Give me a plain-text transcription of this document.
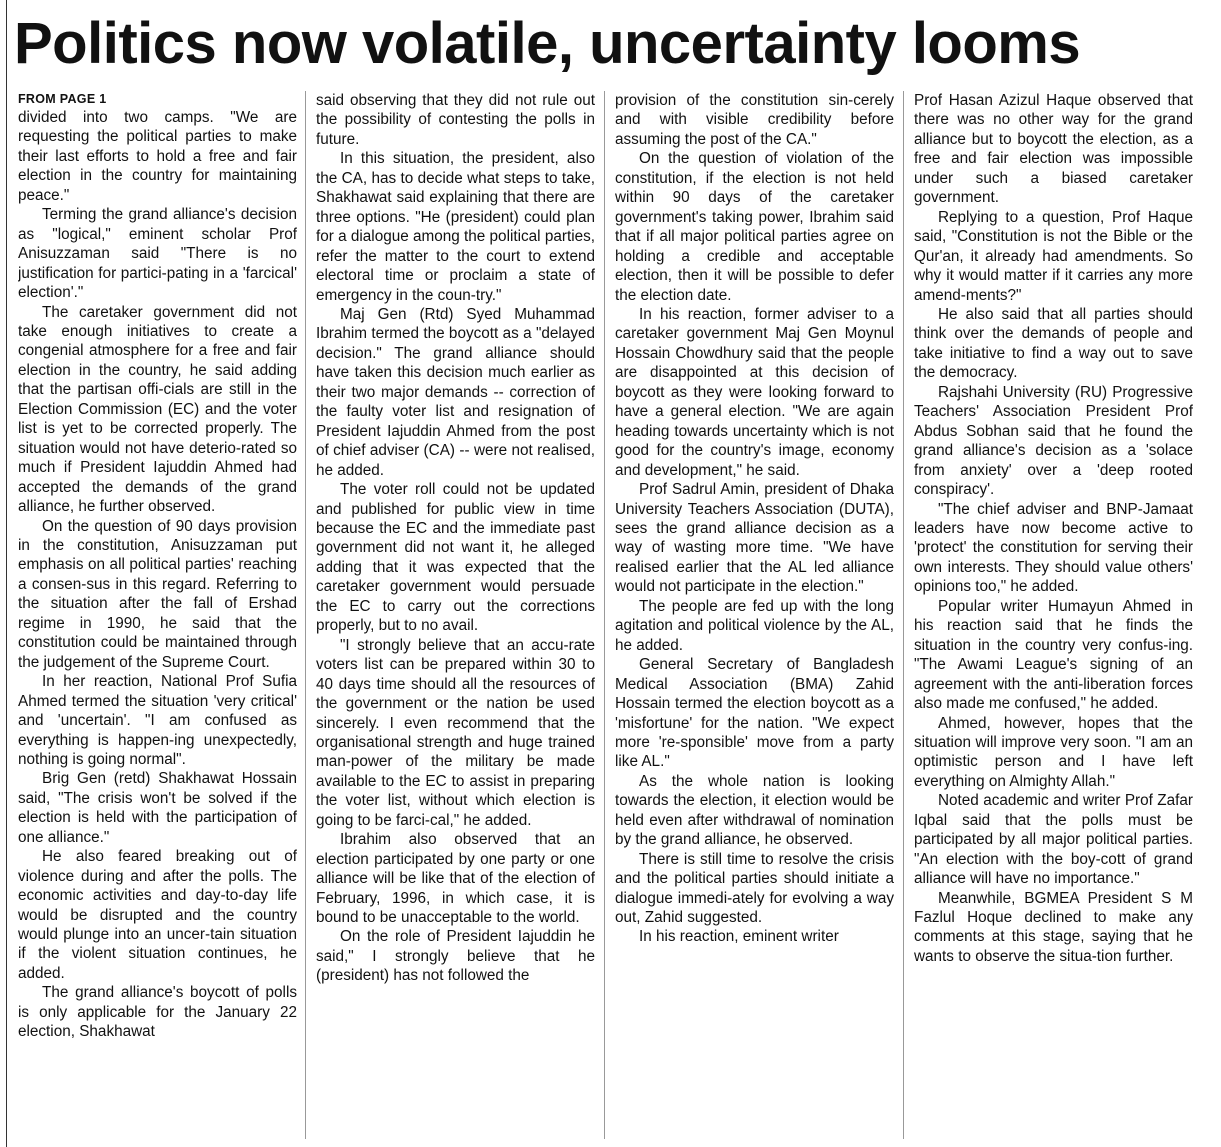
Politics now volatile, uncertainty looms

FROM PAGE 1

divided into two camps. "We are requesting the political parties to make their last efforts to hold a free and fair election in the country for maintaining peace."

Terming the grand alliance's decision as "logical," eminent scholar Prof Anisuzzaman said "There is no justification for partici-pating in a 'farcical' election'."

The caretaker government did not take enough initiatives to create a congenial atmosphere for a free and fair election in the country, he said adding that the partisan offi-cials are still in the Election Commission (EC) and the voter list is yet to be corrected properly. The situation would not have deterio-rated so much if President Iajuddin Ahmed had accepted the demands of the grand alliance, he further observed.

On the question of 90 days provision in the constitution, Anisuzzaman put emphasis on all political parties' reaching a consen-sus in this regard. Referring to the situation after the fall of Ershad regime in 1990, he said that the constitution could be maintained through the judgement of the Supreme Court.

In her reaction, National Prof Sufia Ahmed termed the situation 'very critical' and 'uncertain'. "I am confused as everything is happen-ing unexpectedly, nothing is going normal".

Brig Gen (retd) Shakhawat Hossain said, "The crisis won't be solved if the election is held with the participation of one alliance."

He also feared breaking out of violence during and after the polls. The economic activities and day-to-day life would be disrupted and the country would plunge into an uncer-tain situation if the violent situation continues, he added.

The grand alliance's boycott of polls is only applicable for the January 22 election, Shakhawat

said observing that they did not rule out the possibility of contesting the polls in future.

In this situation, the president, also the CA, has to decide what steps to take, Shakhawat said explaining that there are three options. "He (president) could plan for a dialogue among the political parties, refer the matter to the court to extend electoral time or proclaim a state of emergency in the coun-try."

Maj Gen (Rtd) Syed Muhammad Ibrahim termed the boycott as a "delayed decision." The grand alliance should have taken this decision much earlier as their two major demands -- correction of the faulty voter list and resignation of President Iajuddin Ahmed from the post of chief adviser (CA) -- were not realised, he added.

The voter roll could not be updated and published for public view in time because the EC and the immediate past government did not want it, he alleged adding that it was expected that the caretaker government would persuade the EC to carry out the corrections properly, but to no avail.

"I strongly believe that an accu-rate voters list can be prepared within 30 to 40 days time should all the resources of the government or the nation be used sincerely. I even recommend that the organisational strength and huge trained man-power of the military be made available to the EC to assist in preparing the voter list, without which election is going to be farci-cal," he added.

Ibrahim also observed that an election participated by one party or one alliance will be like that of the election of February, 1996, in which case, it is bound to be unacceptable to the world.

On the role of President Iajuddin he said," I strongly believe that he (president) has not followed the

provision of the constitution sin-cerely and with visible credibility before assuming the post of the CA."

On the question of violation of the constitution, if the election is not held within 90 days of the caretaker government's taking power, Ibrahim said that if all major political parties agree on holding a credible and acceptable election, then it will be possible to defer the election date.

In his reaction, former adviser to a caretaker government Maj Gen Moynul Hossain Chowdhury said that the people are disappointed at this decision of boycott as they were looking forward to have a general election. "We are again heading towards uncertainty which is not good for the country's image, economy and development," he said.

Prof Sadrul Amin, president of Dhaka University Teachers Association (DUTA), sees the grand alliance decision as a way of wasting more time. "We have realised earlier that the AL led alliance would not participate in the election."

The people are fed up with the long agitation and political violence by the AL, he added.

General Secretary of Bangladesh Medical Association (BMA) Zahid Hossain termed the election boycott as a 'misfortune' for the nation. "We expect more 're-sponsible' move from a party like AL."

As the whole nation is looking towards the election, it election would be held even after withdrawal of nomination by the grand alliance, he observed.

There is still time to resolve the crisis and the political parties should initiate a dialogue immedi-ately for evolving a way out, Zahid suggested.

In his reaction, eminent writer

Prof Hasan Azizul Haque observed that there was no other way for the grand alliance but to boycott the election, as a free and fair election was impossible under such a biased caretaker government.

Replying to a question, Prof Haque said, "Constitution is not the Bible or the Qur'an, it already had amendments. So why it would matter if it carries any more amend-ments?"

He also said that all parties should think over the demands of people and take initiative to find a way out to save the democracy.

Rajshahi University (RU) Progressive Teachers' Association President Prof Abdus Sobhan said that he found the grand alliance's decision as a 'solace from anxiety' over a 'deep rooted conspiracy'.

"The chief adviser and BNP-Jamaat leaders have now become active to 'protect' the constitution for serving their own interests. They should value others' opinions too," he added.

Popular writer Humayun Ahmed in his reaction said that he finds the situation in the country very confus-ing. "The Awami League's signing of an agreement with the anti-liberation forces also made me confused," he added.

Ahmed, however, hopes that the situation will improve very soon. "I am an optimistic person and I have left everything on Almighty Allah."

Noted academic and writer Prof Zafar Iqbal said that the polls must be participated by all major political parties. "An election with the boy-cott of grand alliance will have no importance."

Meanwhile, BGMEA President S M Fazlul Hoque declined to make any comments at this stage, saying that he wants to observe the situa-tion further.
